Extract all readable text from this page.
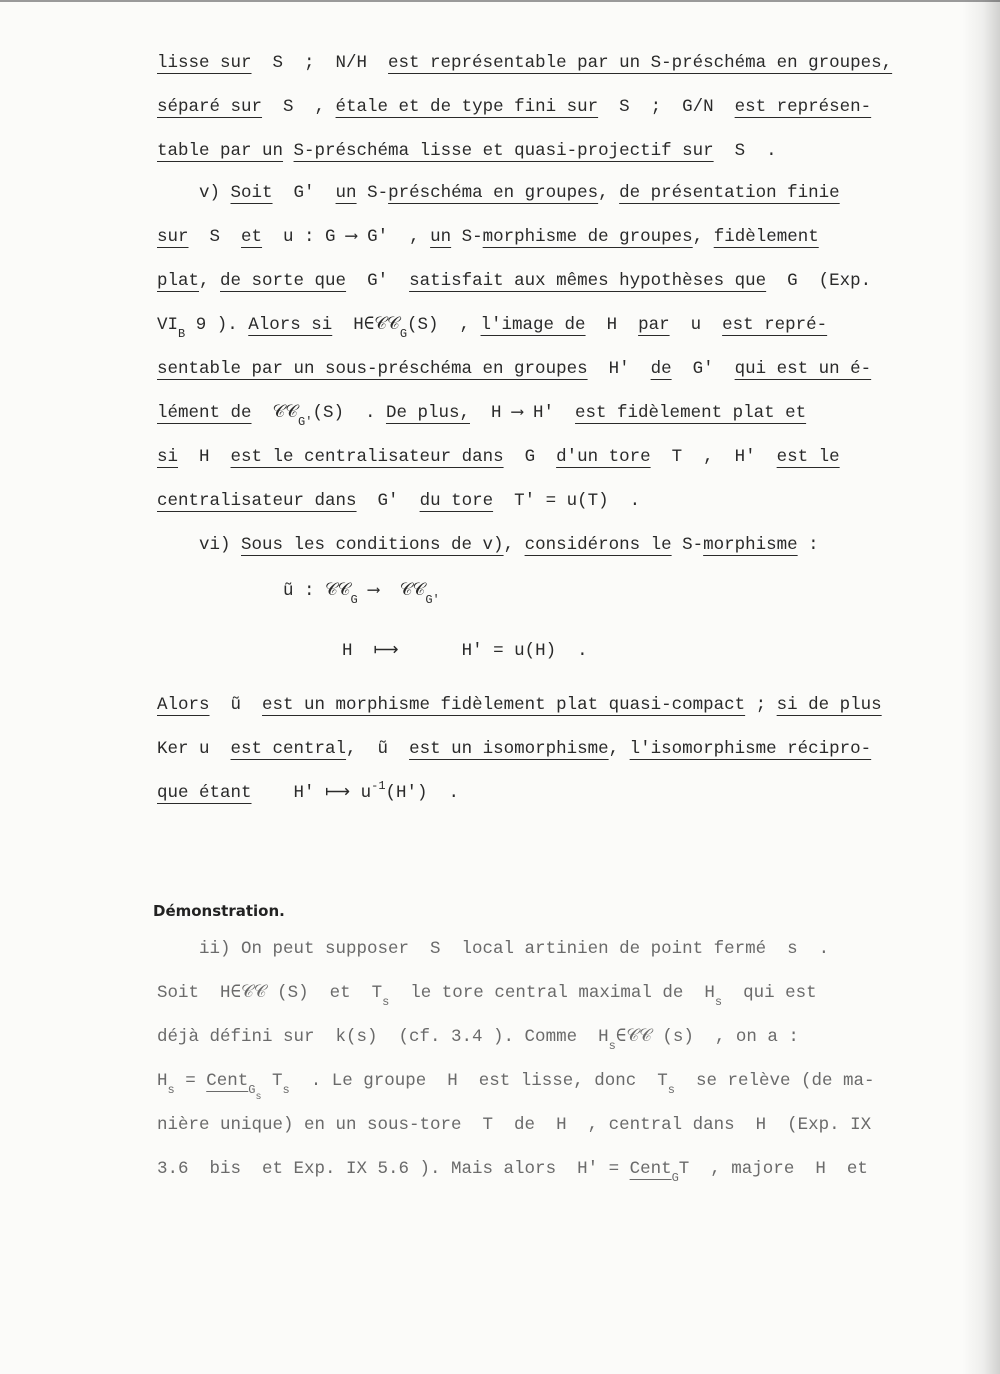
lisse sur  S  ;  N/H  est représentable par un S-préschéma en groupes,
séparé sur  S  , étale et de type fini sur  S  ;  G/N  est représen-
table par un S-préschéma lisse et quasi-projectif sur  S  .
v) Soit  G'  un S-préschéma en groupes, de présentation finie
sur  S  et  u : G ⟶ G'  , un S-morphisme de groupes, fidèlement
plat, de sorte que  G'  satisfait aux mêmes hypothèses que  G  (Exp.
$VI_B$ 9 ). Alors si  H∈𝒞𝒞$_G$(S)  , l'image de  H  par  u  est repré-
sentable par un sous-préschéma en groupes  H'  de  G'  qui est un é-
lément de  𝒞𝒞$_{G'}$(S)  . De plus,  H ⟶ H'  est fidèlement plat et
si  H  est le centralisateur dans  G  d'un tore  T  ,  H'  est le
centralisateur dans  G'  du tore  T' = u(T)  .
vi) Sous les conditions de v), considérons le S-morphisme :
ũ : 𝒞𝒞$_G$ ⟶  𝒞𝒞$_{G'}$
H  ⟼      H' = u(H)  .
Alors  ũ  est un morphisme fidèlement plat quasi-compact ; si de plus
Ker u  est central,  ũ  est un isomorphisme, l'isomorphisme récipro-
que étant    H' ⟼ $u^{-1}(H')$  .
Démonstration.
ii) On peut supposer  S  local artinien de point fermé  s  .
Soit  H∈𝒞𝒞 (S)  et  $T_s$  le tore central maximal de  $H_s$  qui est
déjà défini sur  k(s)  (cf. 3.4 ). Comme  $H_s\in 𝒞𝒞$ (s)  , on a :
$H_s$ = Cent$_{Gs}$ $T_s$  . Le groupe  H  est lisse, donc  $T_s$  se relève (de ma-
nière unique) en un sous-tore  T  de  H  , central dans  H  (Exp. IX
3.6  bis  et Exp. IX 5.6 ). Mais alors  H' = Cent$_G$T  , majore  H  et
